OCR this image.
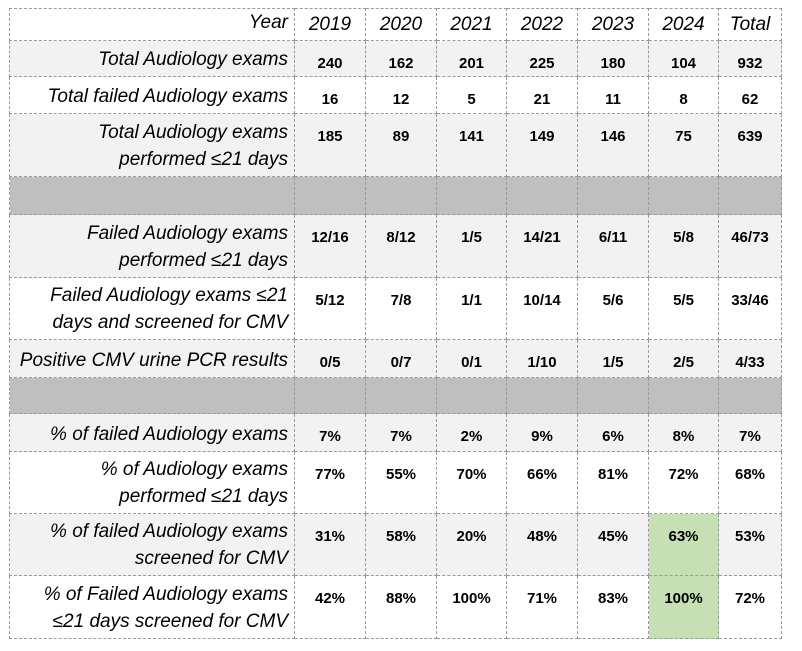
Year	2019	2020	2021	2022	2023	2024	Total
Total Audiology exams	240	162	201	225	180	104	932
Total failed Audiology exams	16	12	5	21	11	8	62
Total Audiology exams
performed ≤21 days	185	89	141	149	146	75	639

Failed Audiology exams
performed ≤21 days	12/16	8/12	1/5	14/21	6/11	5/8	46/73
Failed Audiology exams ≤21
days and screened for CMV	5/12	7/8	1/1	10/14	5/6	5/5	33/46
Positive CMV urine PCR results	0/5	0/7	0/1	1/10	1/5	2/5	4/33

% of failed Audiology exams	7%	7%	2%	9%	6%	8%	7%
% of Audiology exams
performed ≤21 days	77%	55%	70%	66%	81%	72%	68%
% of failed Audiology exams
screened for CMV	31%	58%	20%	48%	45%	63%	53%
% of Failed Audiology exams
≤21 days screened for CMV	42%	88%	100%	71%	83%	100%	72%
